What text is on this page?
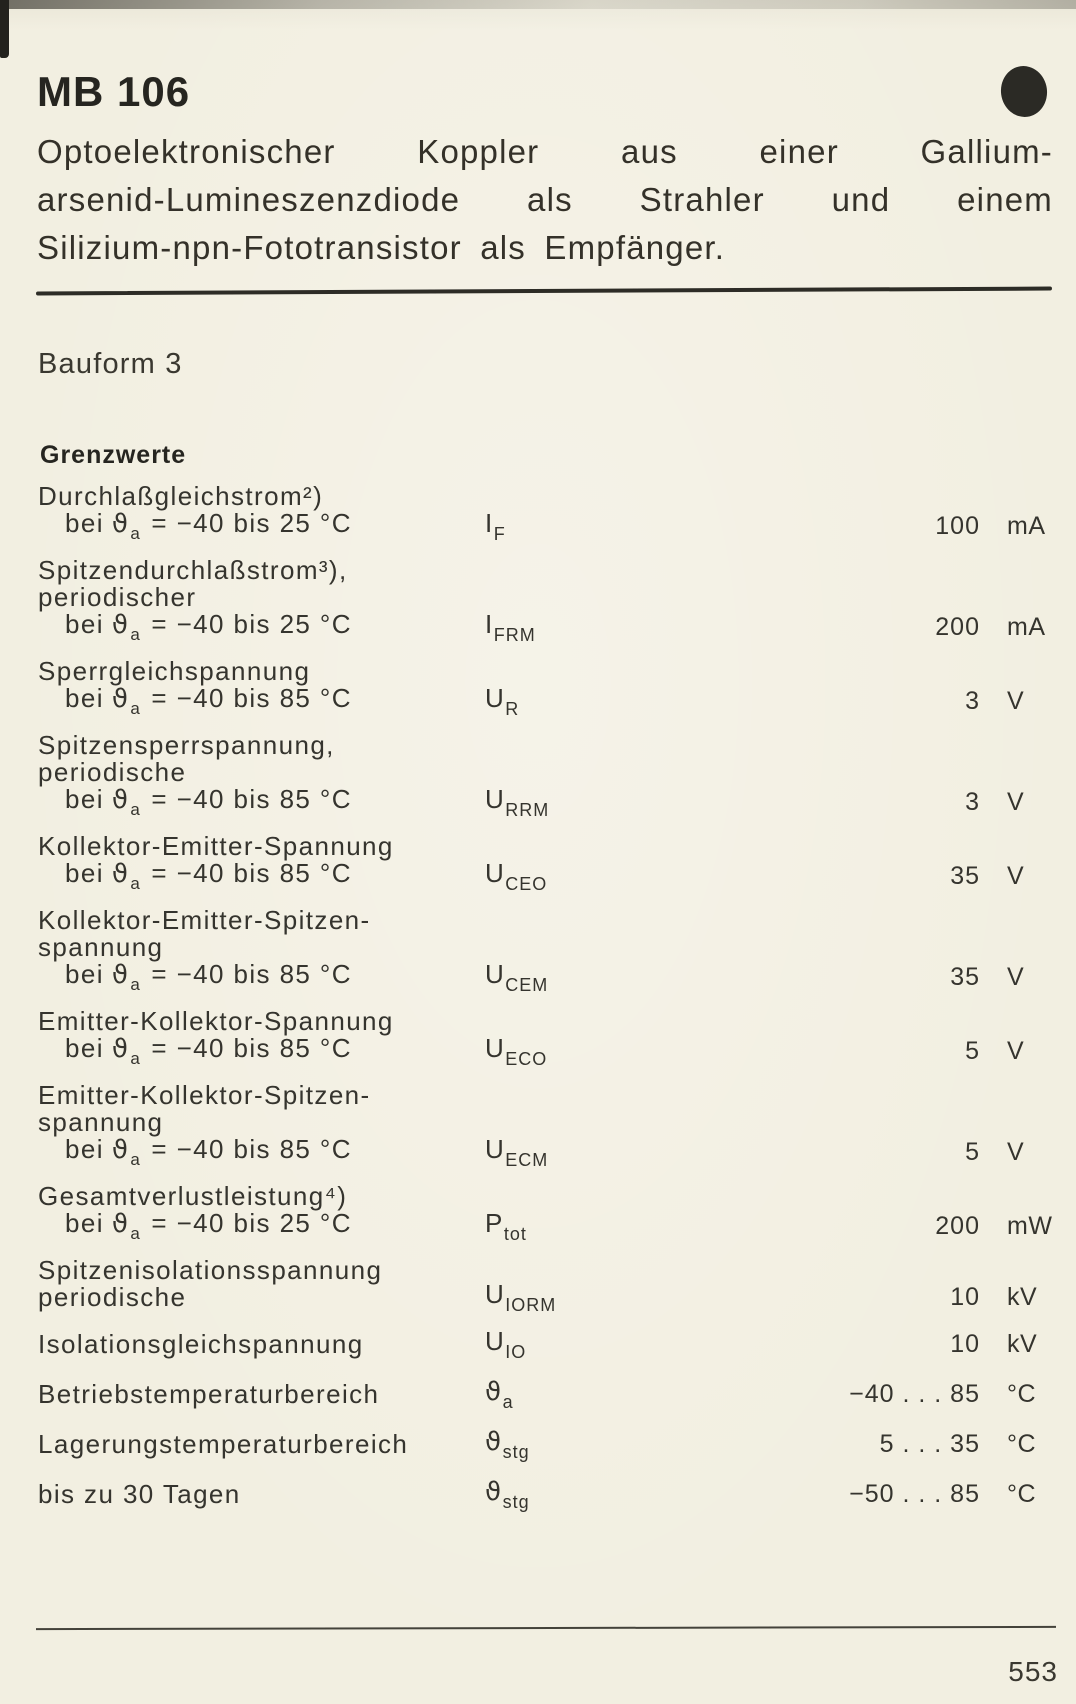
MB 106
Optoelektronischer Koppler aus einer Gallium-
arsenid-Lumineszenzdiode als Strahler und einem
Silizium-npn-Fototransistor als Empfänger.
Bauform 3
Grenzwerte
Durchlaßgleichstrom²)
bei $ϑ_a = -40$ bis 25 °C	$I_F$	100	mA
Spitzendurchlaßstrom³),
periodischer
bei $ϑ_a = -40$ bis 25 °C	$I_{FRM}$	200	mA
Sperrgleichspannung
bei $ϑ_a = -40$ bis 85 °C	$U_R$	3	V
Spitzensperrspannung,
periodische
bei $ϑ_a = -40$ bis 85 °C	$U_{RRM}$	3	V
Kollektor-Emitter-Spannung
bei $ϑ_a = -40$ bis 85 °C	$U_{CEO}$	35	V
Kollektor-Emitter-Spitzen-
spannung
bei $ϑ_a = -40$ bis 85 °C	$U_{CEM}$	35	V
Emitter-Kollektor-Spannung
bei $ϑ_a = -40$ bis 85 °C	$U_{ECO}$	5	V
Emitter-Kollektor-Spitzen-
spannung
bei $ϑ_a = -40$ bis 85 °C	$U_{ECM}$	5	V
Gesamtverlustleistung⁴)
bei $ϑ_a = -40$ bis 25 °C	$P_{tot}$	200	mW
Spitzenisolationsspannung
periodische	$U_{IORM}$	10	kV
Isolationsgleichspannung	$U_{IO}$	10	kV
Betriebstemperaturbereich	$ϑ_a$	−40 . . . 85	°C
Lagerungstemperaturbereich	$ϑ_{stg}$	5 . . . 35	°C
bis zu 30 Tagen	$ϑ_{stg}$	−50 . . . 85	°C
553
